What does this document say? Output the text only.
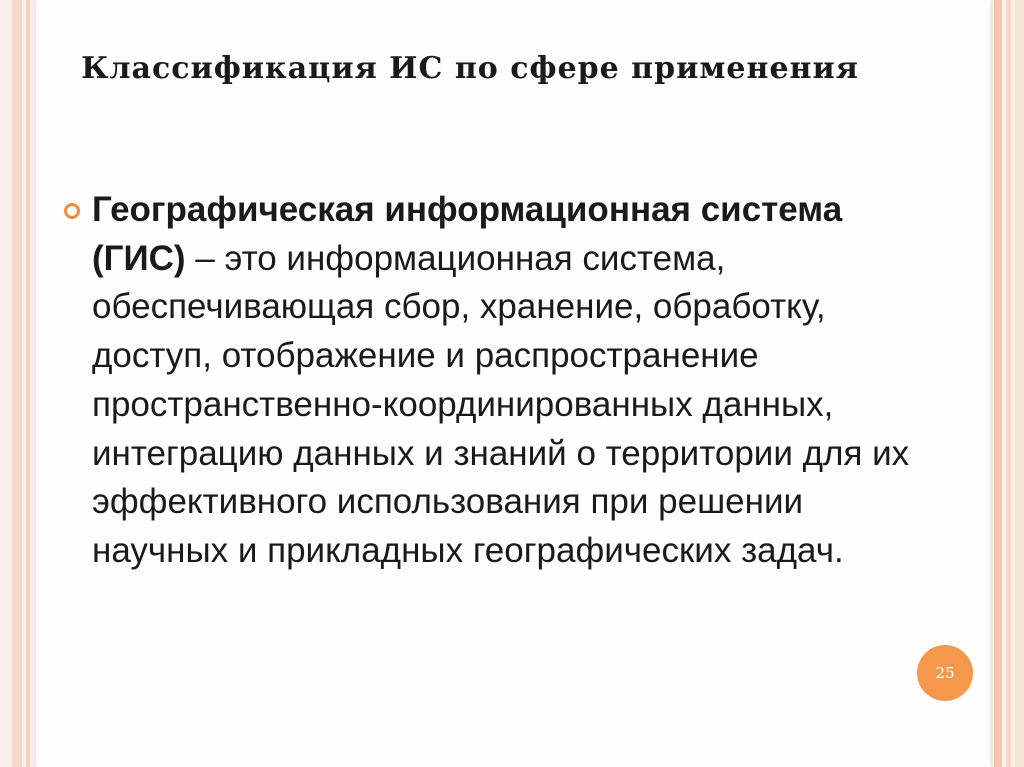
Классификация ИС по сфере применения
Географическая информационная система (ГИС) – это информационная система, обеспечивающая сбор, хранение, обработку, доступ, отображение и распространение пространственно-координированных данных, интеграцию данных и знаний о территории для их эффективного использования при решении научных и прикладных географических задач.
25
